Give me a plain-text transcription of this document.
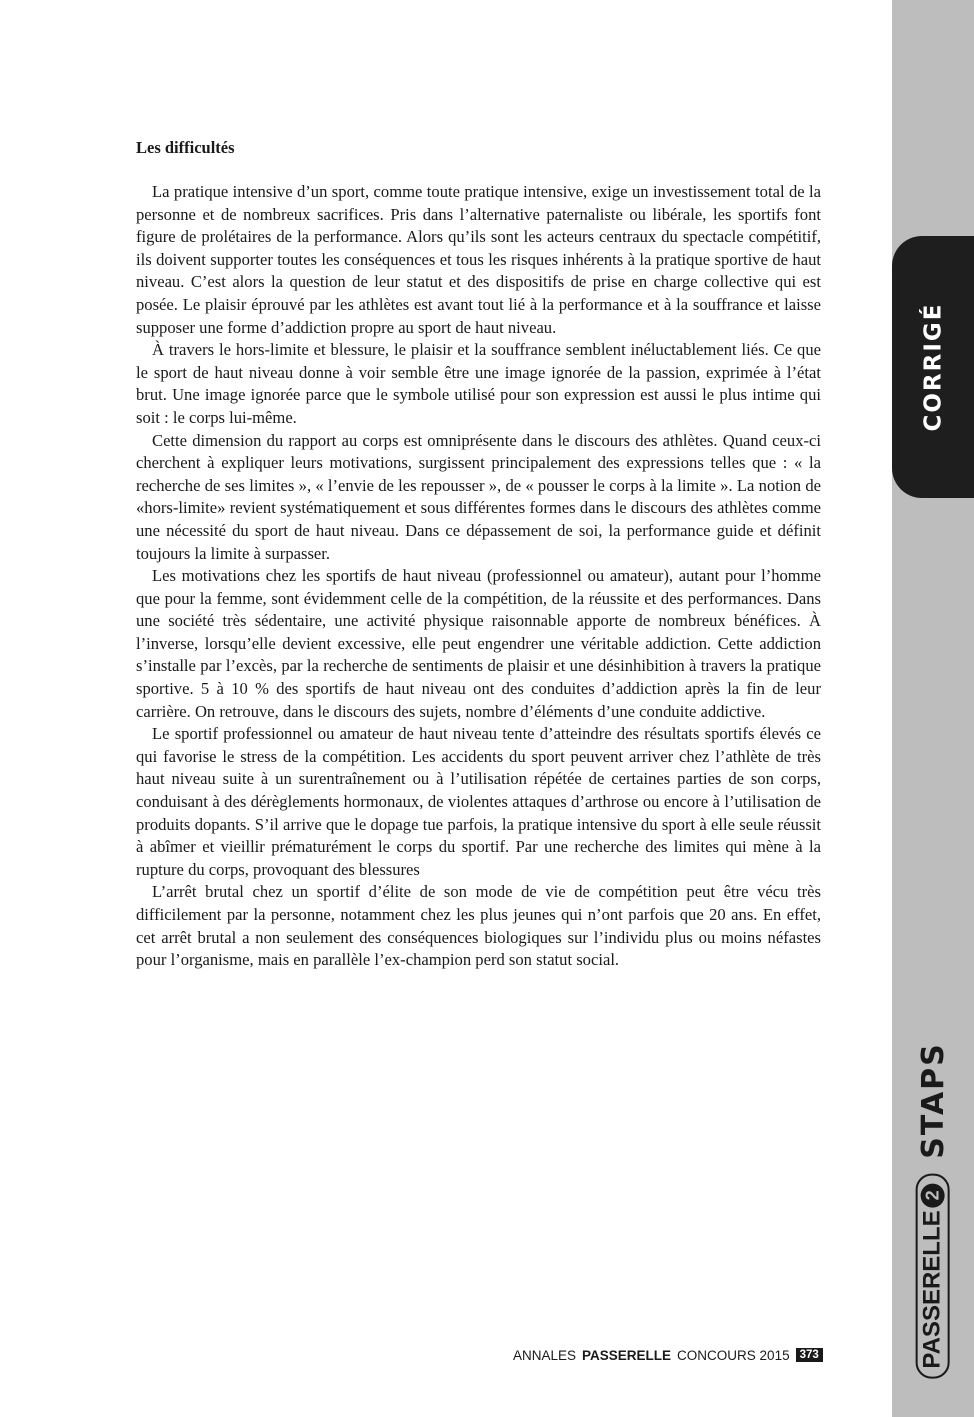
CORRIGÉ
STAPS
PASSERELLE
2

Les difficultés

La pratique intensive d’un sport, comme toute pratique intensive, exige un investissement total de la personne et de nombreux sacrifices. Pris dans l’alternative paternaliste ou libérale, les sportifs font figure de prolétaires de la performance. Alors qu’ils sont les acteurs centraux du spectacle compétitif, ils doivent supporter toutes les conséquences et tous les risques inhérents à la pratique sportive de haut niveau. C’est alors la question de leur statut et des dispositifs de prise en charge collective qui est posée. Le plaisir éprouvé par les athlètes est avant tout lié à la performance et à la souffrance et laisse supposer une forme d’addiction propre au sport de haut niveau.

À travers le hors-limite et blessure, le plaisir et la souffrance semblent inéluctablement liés. Ce que le sport de haut niveau donne à voir semble être une image ignorée de la passion, exprimée à l’état brut. Une image ignorée parce que le symbole utilisé pour son expression est aussi le plus intime qui soit : le corps lui-même.

Cette dimension du rapport au corps est omniprésente dans le discours des athlètes. Quand ceux-ci cherchent à expliquer leurs motivations, surgissent principalement des expressions telles que : « la recherche de ses limites », « l’envie de les repousser », de « pousser le corps à la limite ». La notion de «hors-limite» revient systématiquement et sous différentes formes dans le discours des athlètes comme une nécessité du sport de haut niveau. Dans ce dépassement de soi, la performance guide et définit toujours la limite à surpasser.

Les motivations chez les sportifs de haut niveau (professionnel ou amateur), autant pour l’homme que pour la femme, sont évidemment celle de la compétition, de la réussite et des performances. Dans une société très sédentaire, une activité physique raisonnable apporte de nombreux bénéfices. À l’inverse, lorsqu’elle devient excessive, elle peut engendrer une véritable addiction. Cette addiction s’installe par l’excès, par la recherche de sentiments de plaisir et une désinhibition à travers la pratique sportive. 5 à 10 % des sportifs de haut niveau ont des conduites d’addiction après la fin de leur carrière. On retrouve, dans le discours des sujets, nombre d’éléments d’une conduite addictive.

Le sportif professionnel ou amateur de haut niveau tente d’atteindre des résultats sportifs élevés ce qui favorise le stress de la compétition. Les accidents du sport peuvent arriver chez l’athlète de très haut niveau suite à un surentraînement ou à l’utilisation répétée de certaines parties de son corps, conduisant à des dérèglements hormonaux, de violentes attaques d’arthrose ou encore à l’utilisation de produits dopants. S’il arrive que le dopage tue parfois, la pratique intensive du sport à elle seule réussit à abîmer et vieillir prématurément le corps du sportif. Par une recherche des limites qui mène à la rupture du corps, provoquant des blessures

L’arrêt brutal chez un sportif d’élite de son mode de vie de compétition peut être vécu très difficilement par la personne, notamment chez les plus jeunes qui n’ont parfois que 20 ans. En effet, cet arrêt brutal a non seulement des conséquences biologiques sur l’individu plus ou moins néfastes pour l’organisme, mais en parallèle l’ex-champion perd son statut social.

ANNALES PASSERELLE CONCOURS 2015 373
